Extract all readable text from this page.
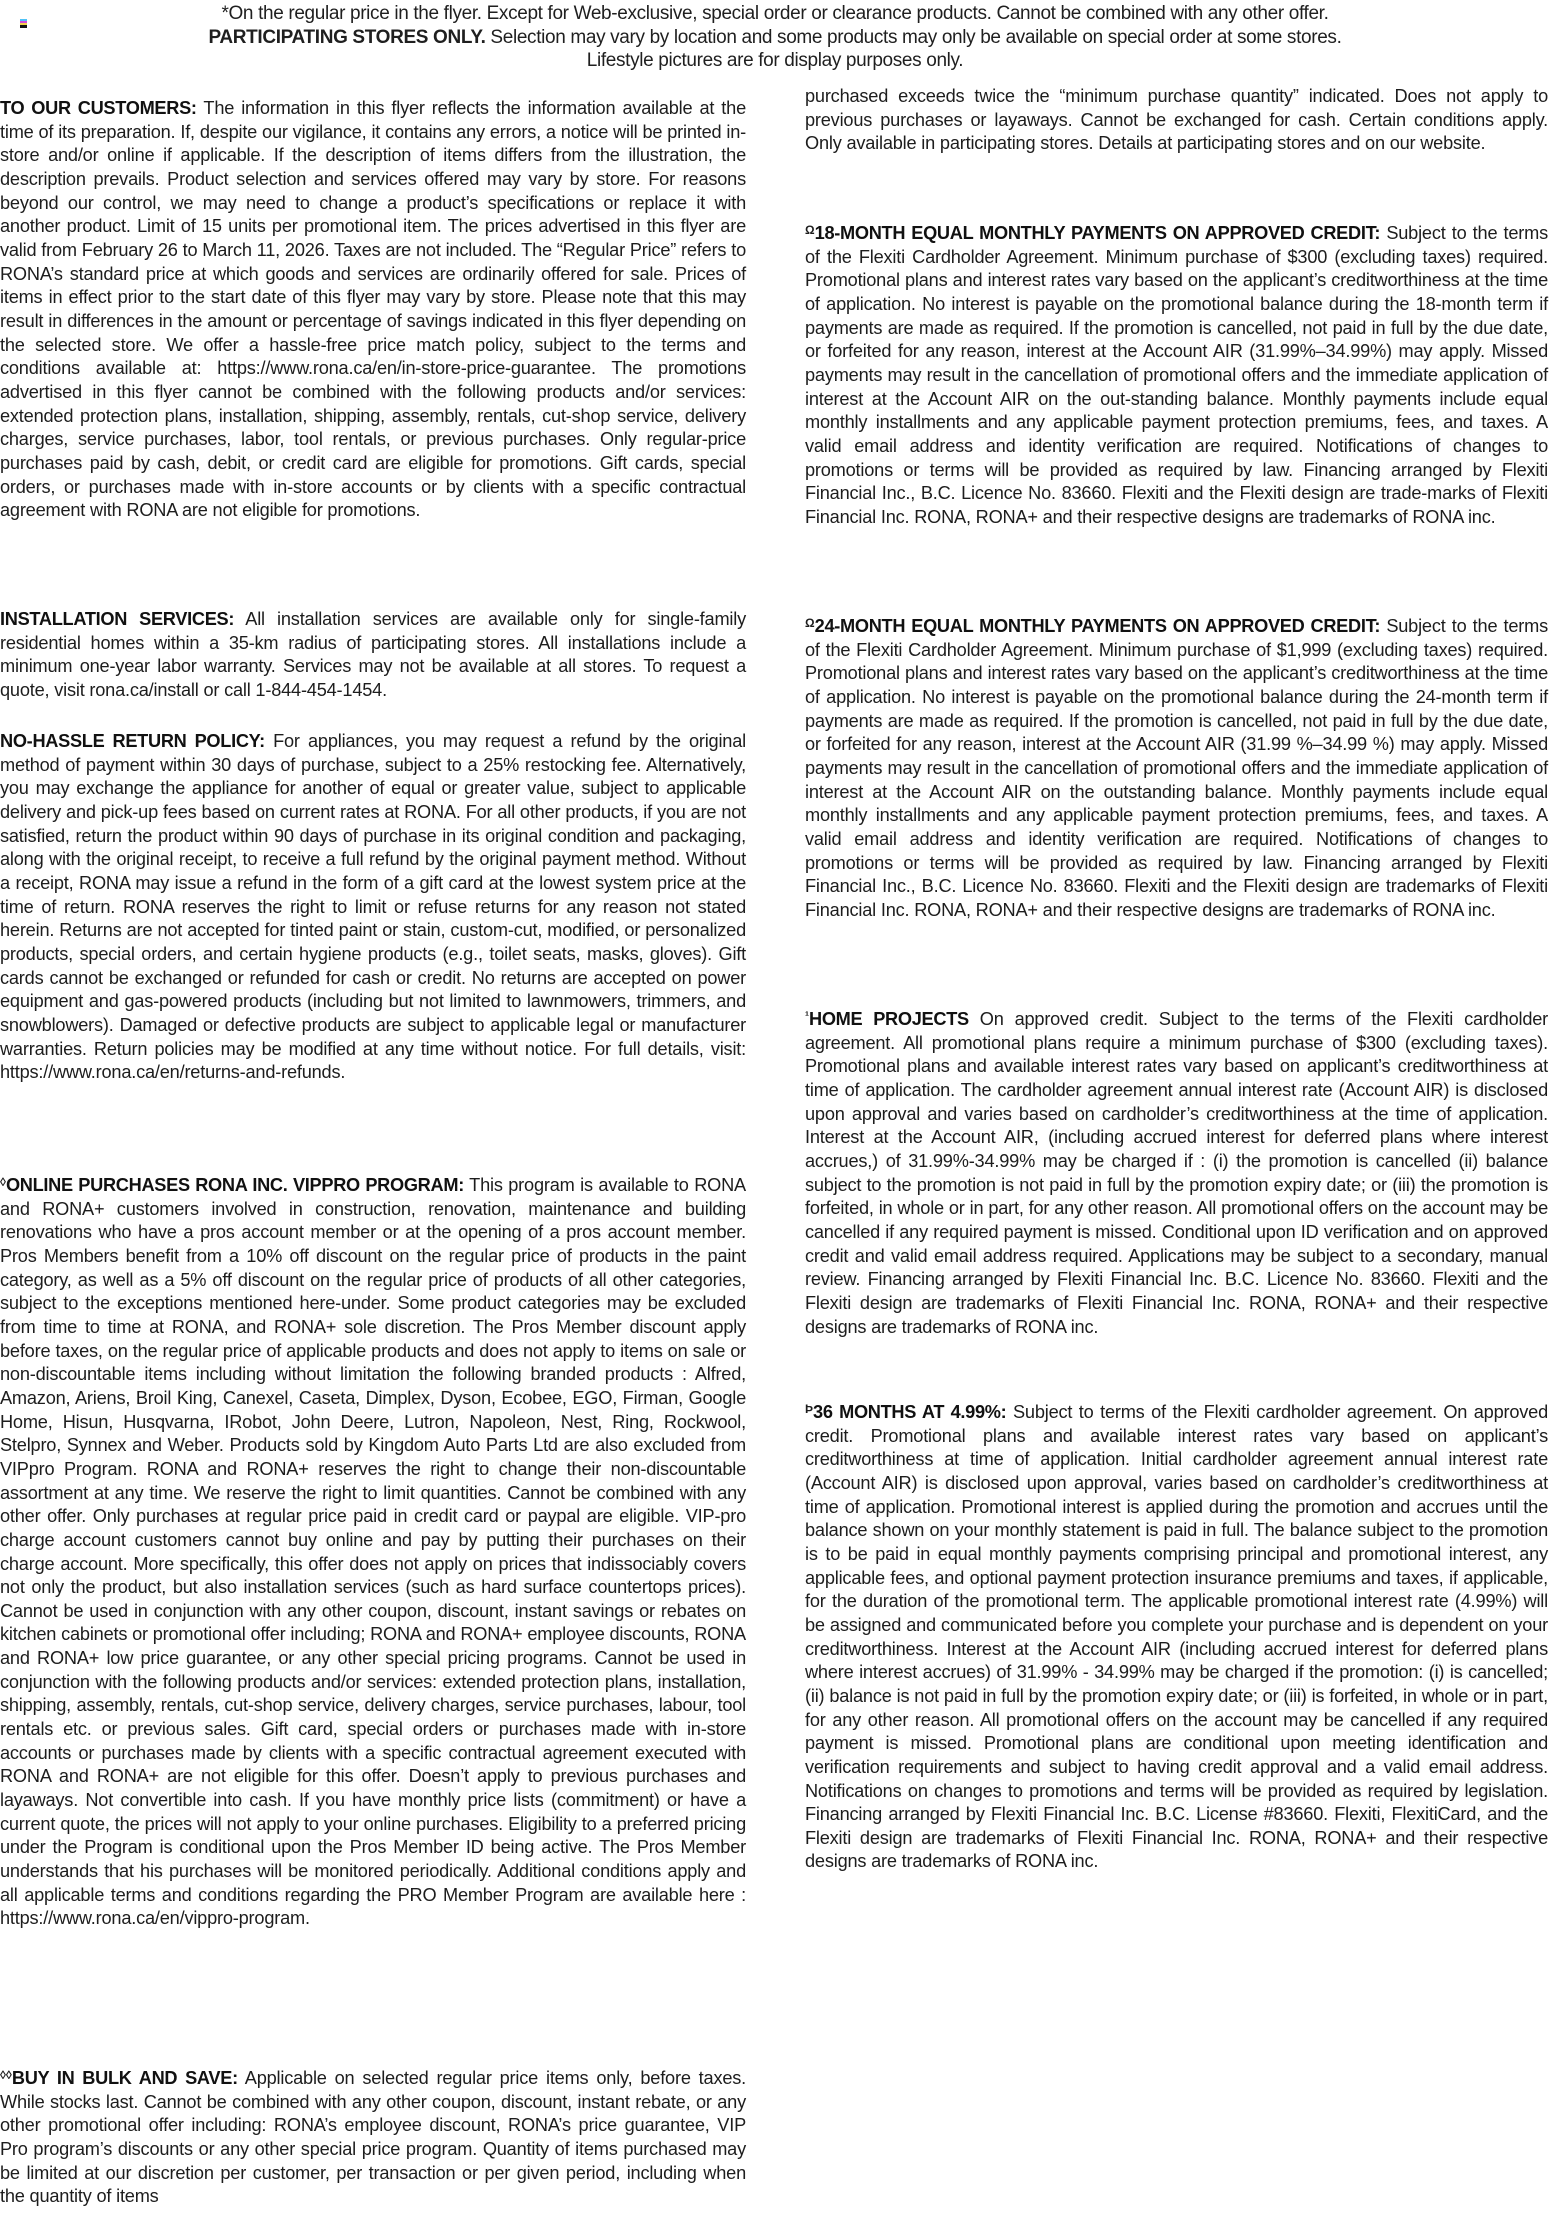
*On the regular price in the flyer. Except for Web-exclusive, special order or clearance products. Cannot be combined with any other offer.
PARTICIPATING STORES ONLY. Selection may vary by location and some products may only be available on special order at some stores.
Lifestyle pictures are for display purposes only.

TO OUR CUSTOMERS: The information in this flyer reflects the information available at the time of its preparation. If, despite our vigilance, it contains any errors, a notice will be printed in-store and/or online if applicable. If the description of items differs from the illustration, the description prevails. Product selection and services offered may vary by store. For reasons beyond our control, we may need to change a product’s specifications or replace it with another product. Limit of 15 units per promotional item. The prices advertised in this flyer are valid from February 26 to March 11, 2026. Taxes are not included. The “Regular Price” refers to RONA’s standard price at which goods and services are ordinarily offered for sale. Prices of items in effect prior to the start date of this flyer may vary by store. Please note that this may result in differences in the amount or percentage of savings indicated in this flyer depending on the selected store. We offer a hassle-free price match policy, subject to the terms and conditions available at: https://www.rona.ca/en/in-store-price-guarantee. The promotions advertised in this flyer cannot be combined with the following products and/or services: extended protection plans, installation, shipping, assembly, rentals, cut-shop service, delivery charges, service purchases, labor, tool rentals, or previous purchases. Only regular-price purchases paid by cash, debit, or credit card are eligible for promotions. Gift cards, special orders, or purchases made with in-store accounts or by clients with a specific contractual agreement with RONA are not eligible for promotions.

INSTALLATION SERVICES: All installation services are available only for single-family residential homes within a 35-km radius of participating stores. All installations include a minimum one-year labor warranty. Services may not be available at all stores. To request a quote, visit rona.ca/install or call 1-844-454-1454.

NO-HASSLE RETURN POLICY: For appliances, you may request a refund by the original method of payment within 30 days of purchase, subject to a 25% restocking fee. Alternatively, you may exchange the appliance for another of equal or greater value, subject to applicable delivery and pick-up fees based on current rates at RONA. For all other products, if you are not satisfied, return the product within 90 days of purchase in its original condition and packaging, along with the original receipt, to receive a full refund by the original payment method. Without a receipt, RONA may issue a refund in the form of a gift card at the lowest system price at the time of return. RONA reserves the right to limit or refuse returns for any reason not stated herein. Returns are not accepted for tinted paint or stain, custom-cut, modified, or personalized products, special orders, and certain hygiene products (e.g., toilet seats, masks, gloves). Gift cards cannot be exchanged or refunded for cash or credit. No returns are accepted on power equipment and gas-powered products (including but not limited to lawnmowers, trimmers, and snowblowers). Damaged or defective products are subject to applicable legal or manufacturer warranties. Return policies may be modified at any time without notice. For full details, visit: https://www.rona.ca/en/returns-and-refunds.

◊ONLINE PURCHASES RONA INC. VIPPRO PROGRAM: This program is available to RONA and RONA+ customers involved in construction, renovation, maintenance and building renovations who have a pros account member or at the opening of a pros account member. Pros Members benefit from a 10% off discount on the regular price of products in the paint category, as well as a 5% off discount on the regular price of products of all other categories, subject to the exceptions mentioned here-under. Some product categories may be excluded from time to time at RONA, and RONA+ sole discretion. The Pros Member discount apply before taxes, on the regular price of applicable products and does not apply to items on sale or non-discountable items including without limitation the following branded products : Alfred, Amazon, Ariens, Broil King, Canexel, Caseta, Dimplex, Dyson, Ecobee, EGO, Firman, Google Home, Hisun, Husqvarna, IRobot, John Deere, Lutron, Napoleon, Nest, Ring, Rockwool, Stelpro, Synnex and Weber. Products sold by Kingdom Auto Parts Ltd are also excluded from VIPpro Program. RONA and RONA+ reserves the right to change their non-discountable assortment at any time. We reserve the right to limit quantities. Cannot be combined with any other offer. Only purchases at regular price paid in credit card or paypal are eligible. VIP-pro charge account customers cannot buy online and pay by putting their purchases on their charge account. More specifically, this offer does not apply on prices that indissociably covers not only the product, but also installation services (such as hard surface countertops prices). Cannot be used in conjunction with any other coupon, discount, instant savings or rebates on kitchen cabinets or promotional offer including; RONA and RONA+ employee discounts, RONA and RONA+ low price guarantee, or any other special pricing programs. Cannot be used in conjunction with the following products and/or services: extended protection plans, installation, shipping, assembly, rentals, cut-shop service, delivery charges, service purchases, labour, tool rentals etc. or previous sales. Gift card, special orders or purchases made with in-store accounts or purchases made by clients with a specific contractual agreement executed with RONA and RONA+ are not eligible for this offer. Doesn’t apply to previous purchases and layaways. Not convertible into cash. If you have monthly price lists (commitment) or have a current quote, the prices will not apply to your online purchases. Eligibility to a preferred pricing under the Program is conditional upon the Pros Member ID being active. The Pros Member understands that his purchases will be monitored periodically. Additional conditions apply and all applicable terms and conditions regarding the PRO Member Program are available here : https://www.rona.ca/en/vippro-program.

◊◊BUY IN BULK AND SAVE: Applicable on selected regular price items only, before taxes. While stocks last. Cannot be combined with any other coupon, discount, instant rebate, or any other promotional offer including: RONA’s employee discount, RONA’s price guarantee, VIP Pro program’s discounts or any other special price program. Quantity of items purchased may be limited at our discretion per customer, per transaction or per given period, including when the quantity of items

purchased exceeds twice the “minimum purchase quantity” indicated. Does not apply to previous purchases or layaways. Cannot be exchanged for cash. Certain conditions apply. Only available in participating stores. Details at participating stores and on our website.

$^\Omega$18-MONTH EQUAL MONTHLY PAYMENTS ON APPROVED CREDIT: Subject to the terms of the Flexiti Cardholder Agreement. Minimum purchase of $300 (excluding taxes) required. Promotional plans and interest rates vary based on the applicant’s creditworthiness at the time of application. No interest is payable on the promotional balance during the 18-month term if payments are made as required. If the promotion is cancelled, not paid in full by the due date, or forfeited for any reason, interest at the Account AIR (31.99%–34.99%) may apply. Missed payments may result in the cancellation of promotional offers and the immediate application of interest at the Account AIR on the out-standing balance. Monthly payments include equal monthly installments and any applicable payment protection premiums, fees, and taxes. A valid email address and identity verification are required. Notifications of changes to promotions or terms will be provided as required by law. Financing arranged by Flexiti Financial Inc., B.C. Licence No. 83660. Flexiti and the Flexiti design are trade-marks of Flexiti Financial Inc. RONA, RONA+ and their respective designs are trademarks of RONA inc.

$^\Omega$24-MONTH EQUAL MONTHLY PAYMENTS ON APPROVED CREDIT: Subject to the terms of the Flexiti Cardholder Agreement. Minimum purchase of $1,999 (excluding taxes) required. Promotional plans and interest rates vary based on the applicant’s creditworthiness at the time of application. No interest is payable on the promotional balance during the 24-month term if payments are made as required. If the promotion is cancelled, not paid in full by the due date, or forfeited for any reason, interest at the Account AIR (31.99 %–34.99 %) may apply. Missed payments may result in the cancellation of promotional offers and the immediate application of interest at the Account AIR on the outstanding balance. Monthly payments include equal monthly installments and any applicable payment protection premiums, fees, and taxes. A valid email address and identity verification are required. Notifications of changes to promotions or terms will be provided as required by law. Financing arranged by Flexiti Financial Inc., B.C. Licence No. 83660. Flexiti and the Flexiti design are trademarks of Flexiti Financial Inc. RONA, RONA+ and their respective designs are trademarks of RONA inc.

$^{^1}$HOME PROJECTS On approved credit. Subject to the terms of the Flexiti cardholder agreement. All promotional plans require a minimum purchase of $300 (excluding taxes). Promotional plans and available interest rates vary based on applicant’s creditworthiness at time of application. The cardholder agreement annual interest rate (Account AIR) is disclosed upon approval and varies based on cardholder’s creditworthiness at the time of application. Interest at the Account AIR, (including accrued interest for deferred plans where interest accrues,) of 31.99%-34.99% may be charged if : (i) the promotion is cancelled (ii) balance subject to the promotion is not paid in full by the promotion expiry date; or (iii) the promotion is forfeited, in whole or in part, for any other reason. All promotional offers on the account may be cancelled if any required payment is missed. Conditional upon ID verification and on approved credit and valid email address required. Applications may be subject to a secondary, manual review. Financing arranged by Flexiti Financial Inc. B.C. Licence No. 83660. Flexiti and the Flexiti design are trademarks of Flexiti Financial Inc. RONA, RONA+ and their respective designs are trademarks of RONA inc.

$^Þ$36 MONTHS AT 4.99%: Subject to terms of the Flexiti cardholder agreement. On approved credit. Promotional plans and available interest rates vary based on applicant’s creditworthiness at time of application. Initial cardholder agreement annual interest rate (Account AIR) is disclosed upon approval, varies based on cardholder’s creditworthiness at time of application. Promotional interest is applied during the promotion and accrues until the balance shown on your monthly statement is paid in full. The balance subject to the promotion is to be paid in equal monthly payments comprising principal and promotional interest, any applicable fees, and optional payment protection insurance premiums and taxes, if applicable, for the duration of the promotional term. The applicable promotional interest rate (4.99%) will be assigned and communicated before you complete your purchase and is dependent on your creditworthiness. Interest at the Account AIR (including accrued interest for deferred plans where interest accrues) of 31.99% - 34.99% may be charged if the promotion: (i) is cancelled; (ii) balance is not paid in full by the promotion expiry date; or (iii) is forfeited, in whole or in part, for any other reason. All promotional offers on the account may be cancelled if any required payment is missed. Promotional plans are conditional upon meeting identification and verification requirements and subject to having credit approval and a valid email address. Notifications on changes to promotions and terms will be provided as required by legislation. Financing arranged by Flexiti Financial Inc. B.C. License #83660. Flexiti, FlexitiCard, and the Flexiti design are trademarks of Flexiti Financial Inc. RONA, RONA+ and their respective designs are trademarks of RONA inc.
